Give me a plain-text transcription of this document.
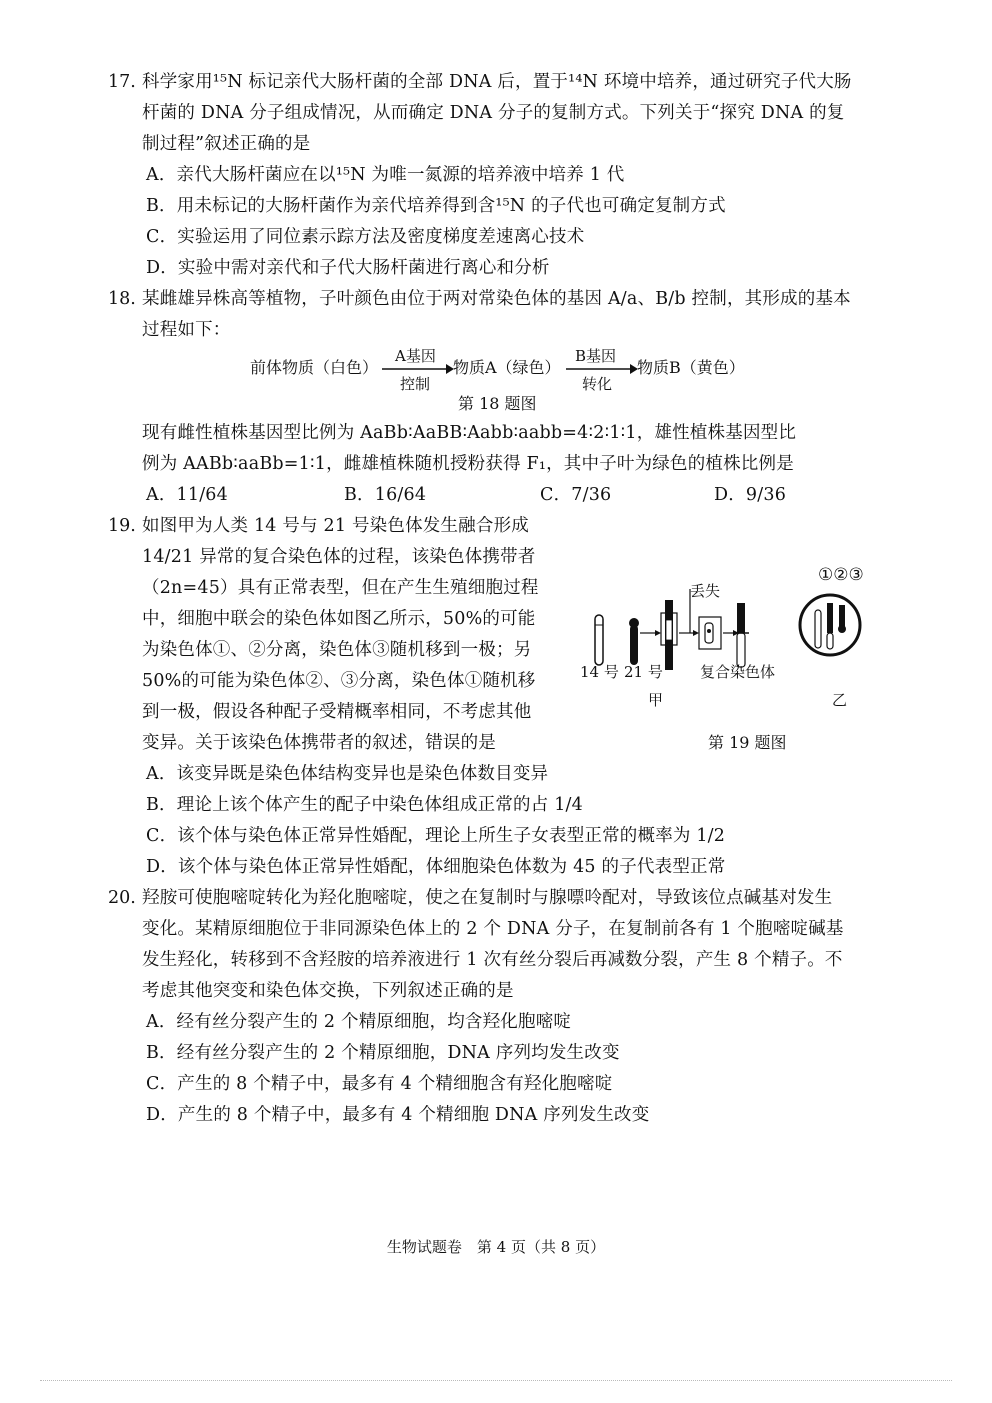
17. 科学家用¹⁵N 标记亲代大肠杆菌的全部 DNA 后，置于¹⁴N 环境中培养，通过研究子代大肠
杆菌的 DNA 分子组成情况，从而确定 DNA 分子的复制方式。下列关于“探究 DNA 的复
制过程”叙述正确的是
A．亲代大肠杆菌应在以¹⁵N 为唯一氮源的培养液中培养 1 代
B．用未标记的大肠杆菌作为亲代培养得到含¹⁵N 的子代也可确定复制方式
C．实验运用了同位素示踪方法及密度梯度差速离心技术
D．实验中需对亲代和子代大肠杆菌进行离心和分析
18. 某雌雄异株高等植物，子叶颜色由位于两对常染色体的基因 A/a、B/b 控制，其形成的基本
过程如下：
前体物质（白色）
A基因
控制
物质A（绿色）
B基因
转化
物质B（黄色）
第 18 题图
现有雌性植株基因型比例为 AaBb∶AaBB∶Aabb∶aabb=4∶2∶1∶1，雄性植株基因型比
例为 AABb∶aaBb=1∶1，雌雄植株随机授粉获得 F₁，其中子叶为绿色的植株比例是
A．11/64	B．16/64	C．7/36	D．9/36
19. 如图甲为人类 14 号与 21 号染色体发生融合形成
14/21 异常的复合染色体的过程，该染色体携带者
（2n=45）具有正常表型，但在产生生殖细胞过程
中，细胞中联会的染色体如图乙所示，50%的可能
为染色体①、②分离，染色体③随机移到一极；另
50%的可能为染色体②、③分离，染色体①随机移
到一极，假设各种配子受精概率相同，不考虑其他
变异。关于该染色体携带者的叙述，错误的是
①②③
丢失
14 号 21 号 复合染色体
甲	乙
第 19 题图
A．该变异既是染色体结构变异也是染色体数目变异
B．理论上该个体产生的配子中染色体组成正常的占 1/4
C．该个体与染色体正常异性婚配，理论上所生子女表型正常的概率为 1/2
D．该个体与染色体正常异性婚配，体细胞染色体数为 45 的子代表型正常
20. 羟胺可使胞嘧啶转化为羟化胞嘧啶，使之在复制时与腺嘌呤配对，导致该位点碱基对发生
变化。某精原细胞位于非同源染色体上的 2 个 DNA 分子，在复制前各有 1 个胞嘧啶碱基
发生羟化，转移到不含羟胺的培养液进行 1 次有丝分裂后再减数分裂，产生 8 个精子。不
考虑其他突变和染色体交换，下列叙述正确的是
A．经有丝分裂产生的 2 个精原细胞，均含羟化胞嘧啶
B．经有丝分裂产生的 2 个精原细胞，DNA 序列均发生改变
C．产生的 8 个精子中，最多有 4 个精细胞含有羟化胞嘧啶
D．产生的 8 个精子中，最多有 4 个精细胞 DNA 序列发生改变
生物试题卷　第 4 页（共 8 页）
